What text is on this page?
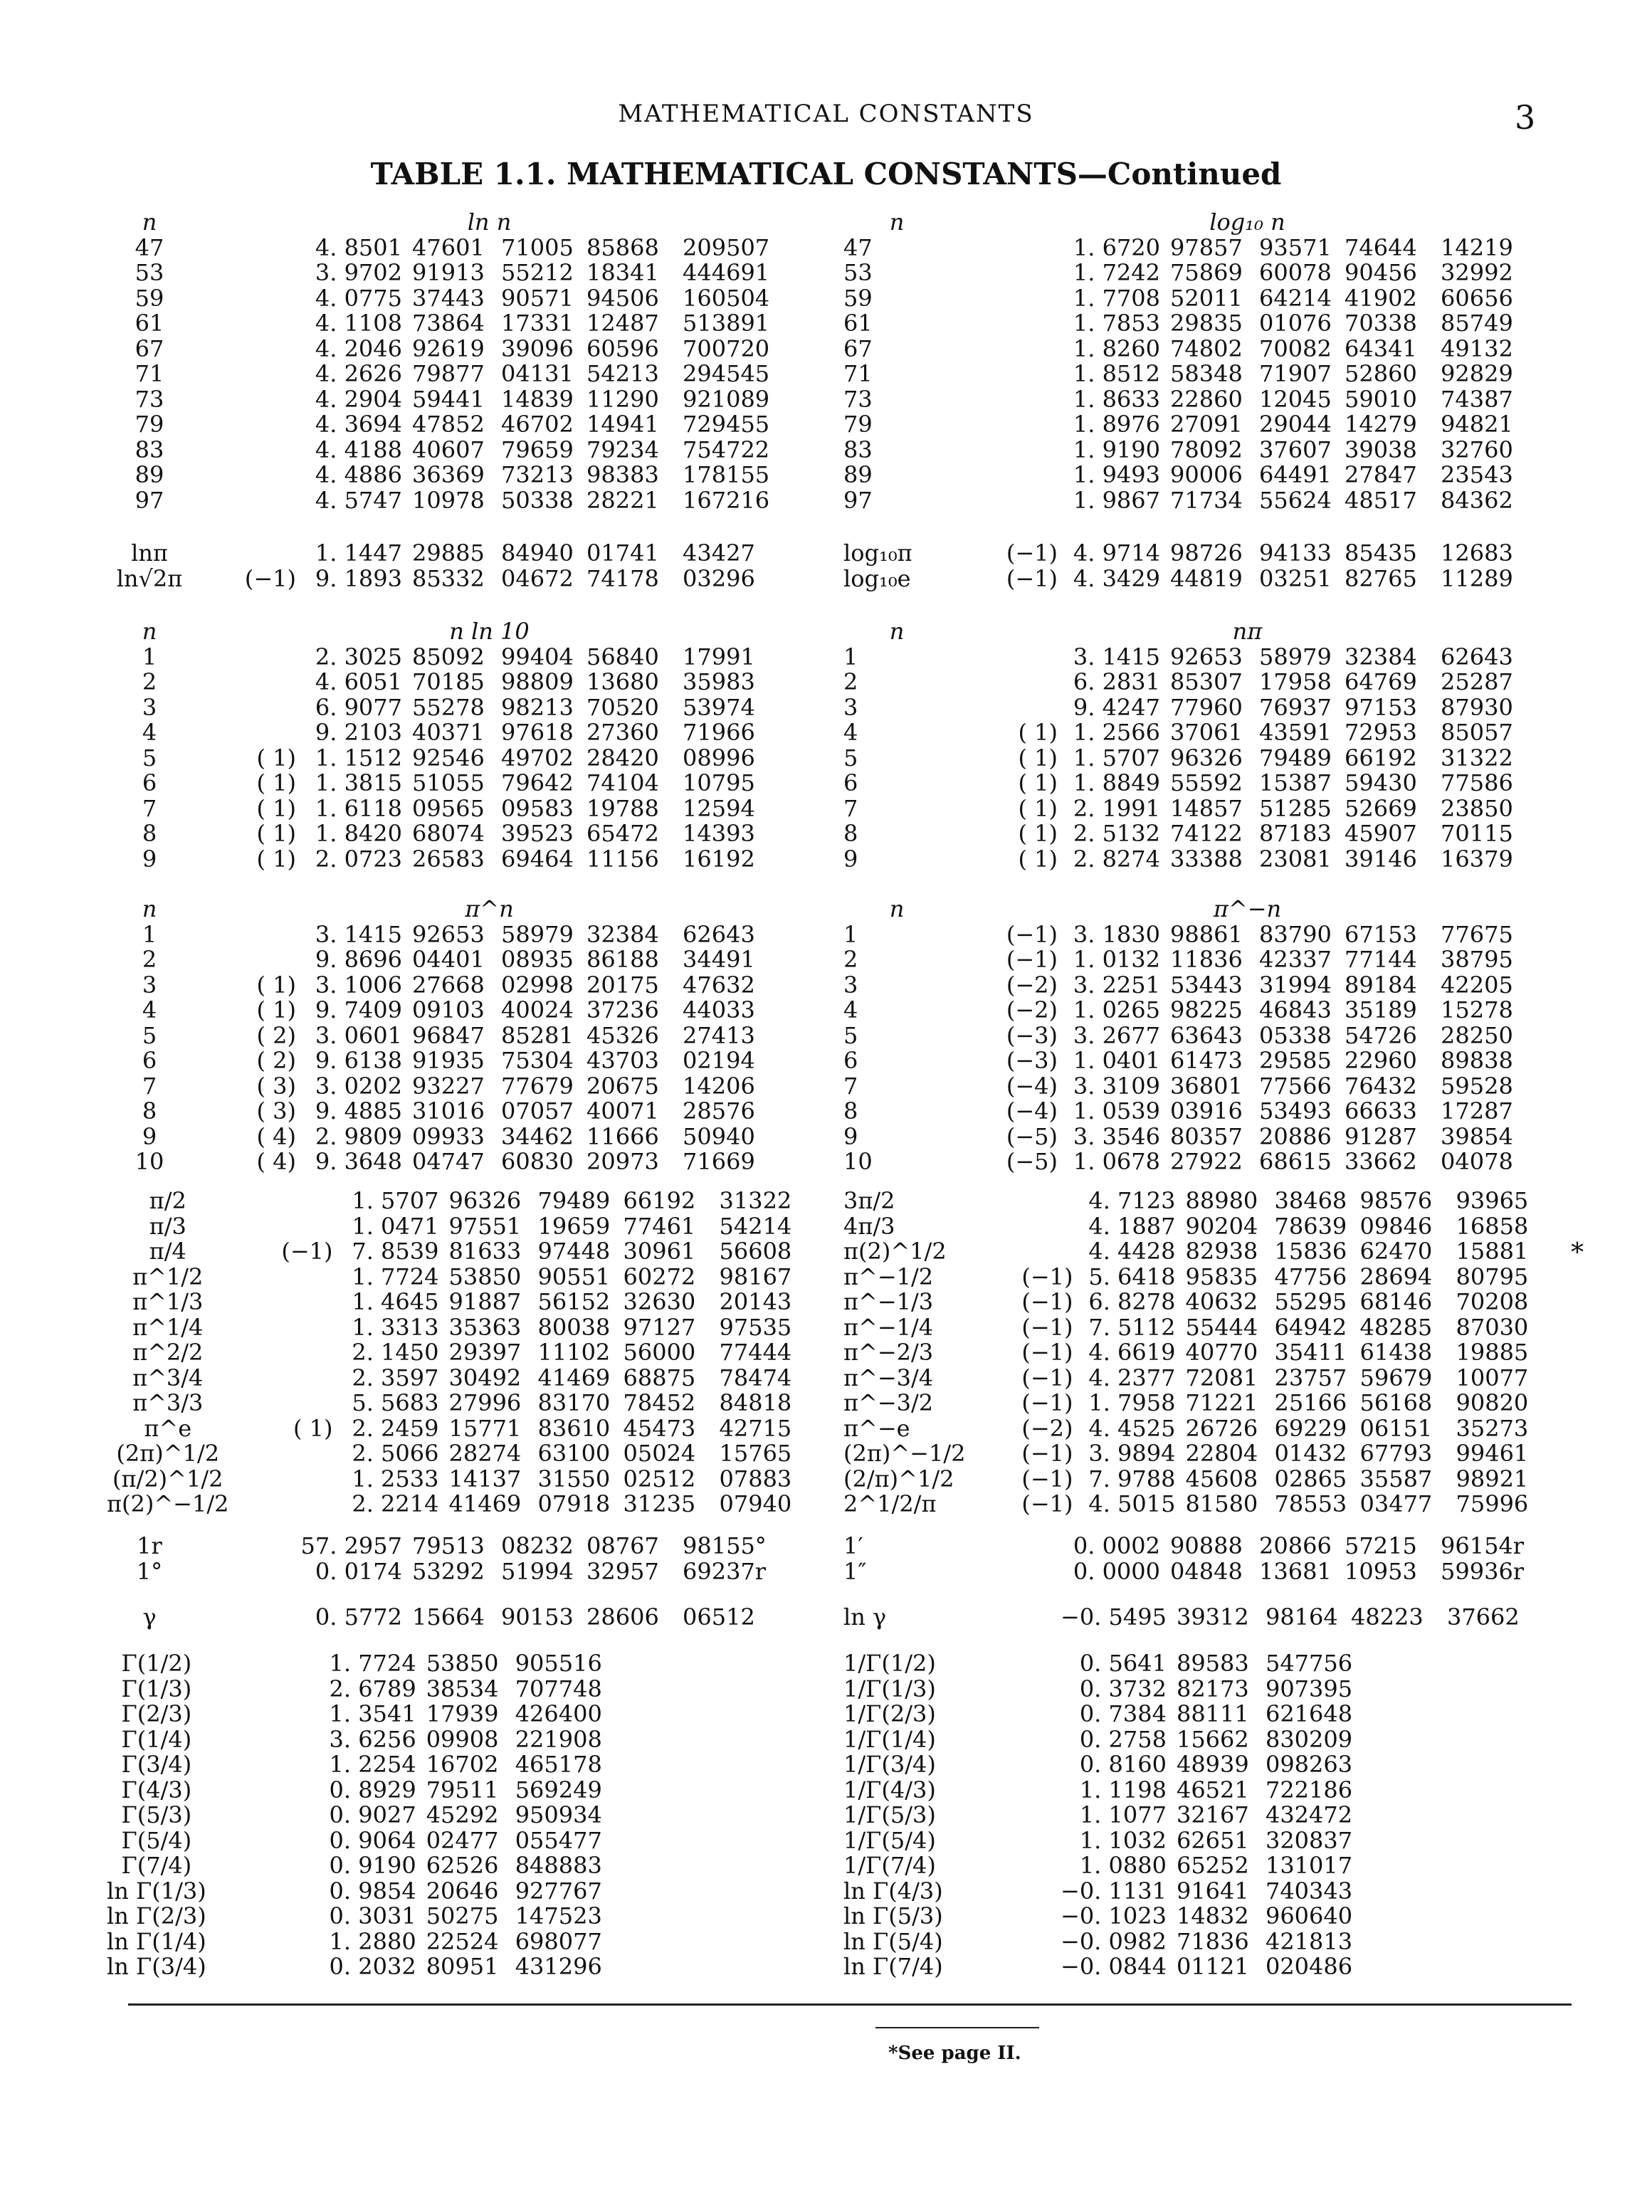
MATHEMATICAL CONSTANTS	3
TABLE 1.1. MATHEMATICAL CONSTANTS—Continued
n			ln n			
47		4. 8501	47601	71005	85868	209507
53		3. 9702	91913	55212	18341	444691
59		4. 0775	37443	90571	94506	160504
61		4. 1108	73864	17331	12487	513891
67		4. 2046	92619	39096	60596	700720
71		4. 2626	79877	04131	54213	294545
73		4. 2904	59441	14839	11290	921089
79		4. 3694	47852	46702	14941	729455
83		4. 4188	40607	79659	79234	754722
89		4. 4886	36369	73213	98383	178155
97		4. 5747	10978	50338	28221	167216
lnπ		1. 1447	29885	84940	01741	43427
ln√2π	(−1)	9. 1893	85332	04672	74178	03296
n			n ln 10			
1		2. 3025	85092	99404	56840	17991
2		4. 6051	70185	98809	13680	35983
3		6. 9077	55278	98213	70520	53974
4		9. 2103	40371	97618	27360	71966
5	( 1)	1. 1512	92546	49702	28420	08996
6	( 1)	1. 3815	51055	79642	74104	10795
7	( 1)	1. 6118	09565	09583	19788	12594
8	( 1)	1. 8420	68074	39523	65472	14393
9	( 1)	2. 0723	26583	69464	11156	16192
n			π^n			
1		3. 1415	92653	58979	32384	62643
2		9. 8696	04401	08935	86188	34491
3	( 1)	3. 1006	27668	02998	20175	47632
4	( 1)	9. 7409	09103	40024	37236	44033
5	( 2)	3. 0601	96847	85281	45326	27413
6	( 2)	9. 6138	91935	75304	43703	02194
7	( 3)	3. 0202	93227	77679	20675	14206
8	( 3)	9. 4885	31016	07057	40071	28576
9	( 4)	2. 9809	09933	34462	11666	50940
10	( 4)	9. 3648	04747	60830	20973	71669
π/2		1. 5707	96326	79489	66192	31322
π/3		1. 0471	97551	19659	77461	54214
π/4	(−1)	7. 8539	81633	97448	30961	56608
π^1/2		1. 7724	53850	90551	60272	98167
π^1/3		1. 4645	91887	56152	32630	20143
π^1/4		1. 3313	35363	80038	97127	97535
π^2/2		2. 1450	29397	11102	56000	77444
π^3/4		2. 3597	30492	41469	68875	78474
π^3/3		5. 5683	27996	83170	78452	84818
π^e	( 1)	2. 2459	15771	83610	45473	42715
(2π)^1/2		2. 5066	28274	63100	05024	15765
(π/2)^1/2		1. 2533	14137	31550	02512	07883
π(2)^−1/2		2. 2214	41469	07918	31235	07940
1r		57. 2957	79513	08232	08767	98155°
1°		0. 0174	53292	51994	32957	69237r
γ		0. 5772	15664	90153	28606	06512
Γ(1/2)		1. 7724	53850	905516		
Γ(1/3)		2. 6789	38534	707748		
Γ(2/3)		1. 3541	17939	426400		
Γ(1/4)		3. 6256	09908	221908		
Γ(3/4)		1. 2254	16702	465178		
Γ(4/3)		0. 8929	79511	569249		
Γ(5/3)		0. 9027	45292	950934		
Γ(5/4)		0. 9064	02477	055477		
Γ(7/4)		0. 9190	62526	848883		
ln Γ(1/3)		0. 9854	20646	927767		
ln Γ(2/3)		0. 3031	50275	147523		
ln Γ(1/4)		1. 2880	22524	698077		
ln Γ(3/4)		0. 2032	80951	431296		
n			log₁₀ n			
47		1. 6720	97857	93571	74644	14219
53		1. 7242	75869	60078	90456	32992
59		1. 7708	52011	64214	41902	60656
61		1. 7853	29835	01076	70338	85749
67		1. 8260	74802	70082	64341	49132
71		1. 8512	58348	71907	52860	92829
73		1. 8633	22860	12045	59010	74387
79		1. 8976	27091	29044	14279	94821
83		1. 9190	78092	37607	39038	32760
89		1. 9493	90006	64491	27847	23543
97		1. 9867	71734	55624	48517	84362
log₁₀π	(−1)	4. 9714	98726	94133	85435	12683
log₁₀e	(−1)	4. 3429	44819	03251	82765	11289
n			nπ			
1		3. 1415	92653	58979	32384	62643
2		6. 2831	85307	17958	64769	25287
3		9. 4247	77960	76937	97153	87930
4	( 1)	1. 2566	37061	43591	72953	85057
5	( 1)	1. 5707	96326	79489	66192	31322
6	( 1)	1. 8849	55592	15387	59430	77586
7	( 1)	2. 1991	14857	51285	52669	23850
8	( 1)	2. 5132	74122	87183	45907	70115
9	( 1)	2. 8274	33388	23081	39146	16379
n			π^−n			
1	(−1)	3. 1830	98861	83790	67153	77675
2	(−1)	1. 0132	11836	42337	77144	38795
3	(−2)	3. 2251	53443	31994	89184	42205
4	(−2)	1. 0265	98225	46843	35189	15278
5	(−3)	3. 2677	63643	05338	54726	28250
6	(−3)	1. 0401	61473	29585	22960	89838
7	(−4)	3. 3109	36801	77566	76432	59528
8	(−4)	1. 0539	03916	53493	66633	17287
9	(−5)	3. 3546	80357	20886	91287	39854
10	(−5)	1. 0678	27922	68615	33662	04078
3π/2		4. 7123	88980	38468	98576	93965
4π/3		4. 1887	90204	78639	09846	16858
π(2)^1/2		4. 4428	82938	15836	62470	15881
π^−1/2	(−1)	5. 6418	95835	47756	28694	80795
π^−1/3	(−1)	6. 8278	40632	55295	68146	70208
π^−1/4	(−1)	7. 5112	55444	64942	48285	87030
π^−2/3	(−1)	4. 6619	40770	35411	61438	19885
π^−3/4	(−1)	4. 2377	72081	23757	59679	10077
π^−3/2	(−1)	1. 7958	71221	25166	56168	90820
π^−e	(−2)	4. 4525	26726	69229	06151	35273
(2π)^−1/2	(−1)	3. 9894	22804	01432	67793	99461
(2/π)^1/2	(−1)	7. 9788	45608	02865	35587	98921
2^1/2/π	(−1)	4. 5015	81580	78553	03477	75996
1′		0. 0002	90888	20866	57215	96154r
1″		0. 0000	04848	13681	10953	59936r
ln γ		−0. 5495	39312	98164	48223	37662
1/Γ(1/2)		0. 5641	89583	547756		
1/Γ(1/3)		0. 3732	82173	907395		
1/Γ(2/3)		0. 7384	88111	621648		
1/Γ(1/4)		0. 2758	15662	830209		
1/Γ(3/4)		0. 8160	48939	098263		
1/Γ(4/3)		1. 1198	46521	722186		
1/Γ(5/3)		1. 1077	32167	432472		
1/Γ(5/4)		1. 1032	62651	320837		
1/Γ(7/4)		1. 0880	65252	131017		
ln Γ(4/3)		−0. 1131	91641	740343		
ln Γ(5/3)		−0. 1023	14832	960640		
ln Γ(5/4)		−0. 0982	71836	421813		
ln Γ(7/4)		−0. 0844	01121	020486		
*
*See page II.
